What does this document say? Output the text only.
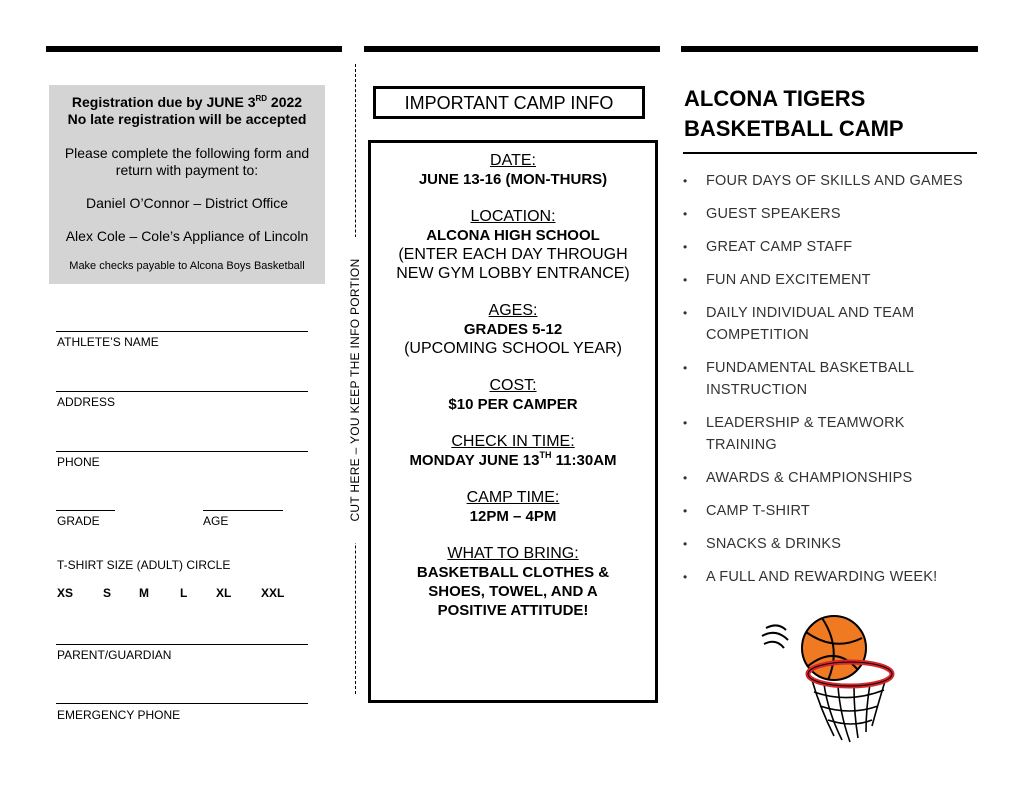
Registration due by JUNE 3RD 2022

No late registration will be accepted

Please complete the following form and return with payment to:

Daniel O’Connor – District Office

Alex Cole – Cole’s Appliance of Lincoln

Make checks payable to Alcona Boys Basketball

ATHLETE’S NAME
ADDRESS
PHONE
GRADE	AGE
T-SHIRT SIZE (ADULT) CIRCLE
XS S M	L XL XXL
PARENT/GUARDIAN
EMERGENCY PHONE
CUT HERE – YOU KEEP THE INFO PORTION
IMPORTANT CAMP INFO
DATE:
JUNE 13-16 (MON-THURS)
LOCATION:
ALCONA HIGH SCHOOL
(ENTER EACH DAY THROUGH NEW GYM LOBBY ENTRANCE)
AGES:
GRADES 5-12
(UPCOMING SCHOOL YEAR)
COST:
$10 PER CAMPER
CHECK IN TIME:
MONDAY JUNE 13TH 11:30AM
CAMP TIME:
12PM – 4PM
WHAT TO BRING:
BASKETBALL CLOTHES & SHOES, TOWEL, AND A POSITIVE ATTITUDE!
ALCONA TIGERS
BASKETBALL CAMP
• FOUR DAYS OF SKILLS AND GAMES
• GUEST SPEAKERS
• GREAT CAMP STAFF
• FUN AND EXCITEMENT
• DAILY INDIVIDUAL AND TEAM COMPETITION
• FUNDAMENTAL BASKETBALL INSTRUCTION
• LEADERSHIP & TEAMWORK TRAINING
• AWARDS & CHAMPIONSHIPS
• CAMP T-SHIRT
• SNACKS & DRINKS
• A FULL AND REWARDING WEEK!
